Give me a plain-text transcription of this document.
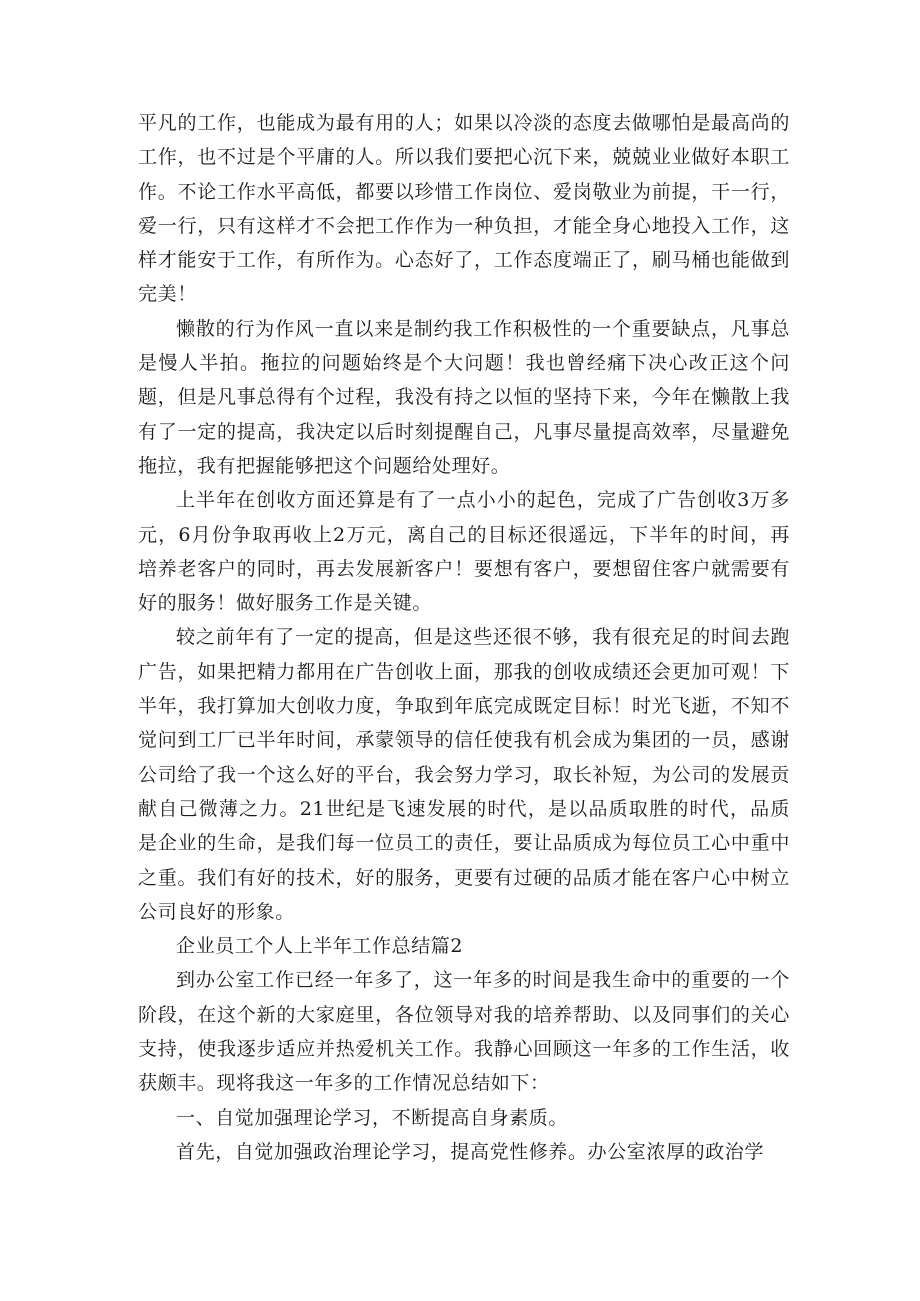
平凡的工作，也能成为最有用的人；如果以冷淡的态度去做哪怕是最高尚的工作，也不过是个平庸的人。所以我们要把心沉下来，兢兢业业做好本职工作。不论工作水平高低，都要以珍惜工作岗位、爱岗敬业为前提，干一行，爱一行，只有这样才不会把工作作为一种负担，才能全身心地投入工作，这样才能安于工作，有所作为。心态好了，工作态度端正了，刷马桶也能做到完美！

懒散的行为作风一直以来是制约我工作积极性的一个重要缺点，凡事总是慢人半拍。拖拉的问题始终是个大问题！我也曾经痛下决心改正这个问题，但是凡事总得有个过程，我没有持之以恒的坚持下来，今年在懒散上我有了一定的提高，我决定以后时刻提醒自己，凡事尽量提高效率，尽量避免拖拉，我有把握能够把这个问题给处理好。

上半年在创收方面还算是有了一点小小的起色，完成了广告创收3万多元，6月份争取再收上2万元，离自己的目标还很遥远，下半年的时间，再培养老客户的同时，再去发展新客户！要想有客户，要想留住客户就需要有好的服务！做好服务工作是关键。

较之前年有了一定的提高，但是这些还很不够，我有很充足的时间去跑广告，如果把精力都用在广告创收上面，那我的创收成绩还会更加可观！下半年，我打算加大创收力度，争取到年底完成既定目标！时光飞逝，不知不觉问到工厂已半年时间，承蒙领导的信任使我有机会成为集团的一员，感谢公司给了我一个这么好的平台，我会努力学习，取长补短，为公司的发展贡献自己微薄之力。21世纪是飞速发展的时代，是以品质取胜的时代，品质是企业的生命，是我们每一位员工的责任，要让品质成为每位员工心中重中之重。我们有好的技术，好的服务，更要有过硬的品质才能在客户心中树立公司良好的形象。

企业员工个人上半年工作总结篇2

到办公室工作已经一年多了，这一年多的时间是我生命中的重要的一个阶段，在这个新的大家庭里，各位领导对我的培养帮助、以及同事们的关心支持，使我逐步适应并热爱机关工作。我静心回顾这一年多的工作生活，收获颇丰。现将我这一年多的工作情况总结如下：

一、自觉加强理论学习，不断提高自身素质。

首先，自觉加强政治理论学习，提高党性修养。办公室浓厚的政治学
